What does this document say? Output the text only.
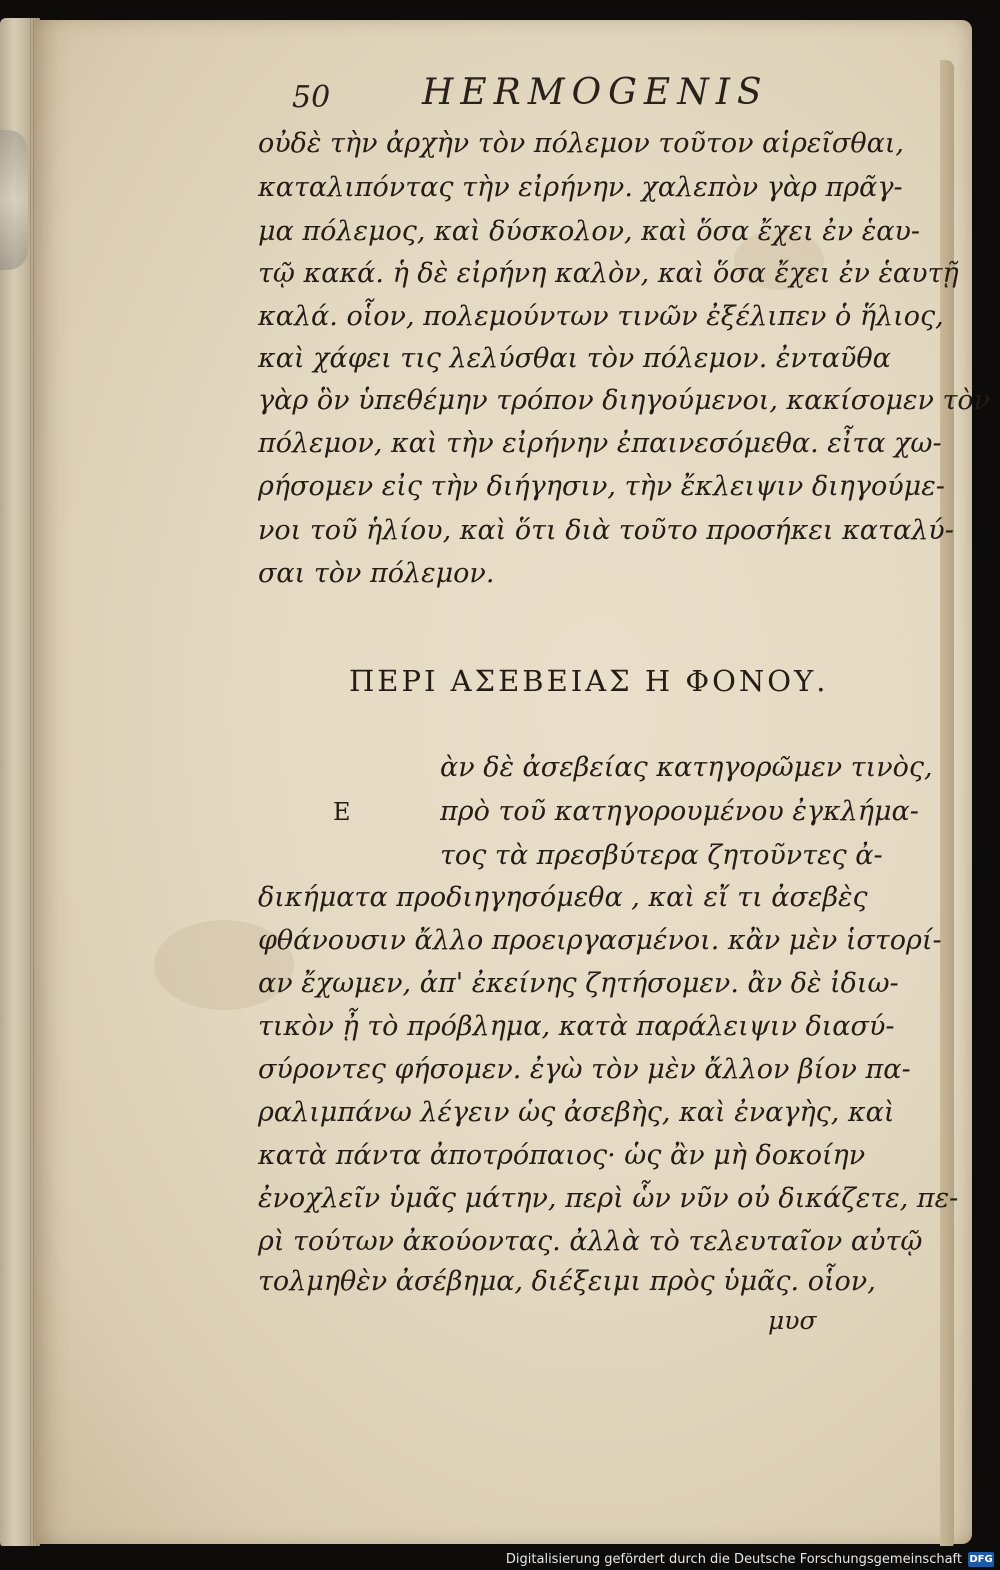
50	HERMOGENIS
οὐδὲ τὴν ἀρχὴν τὸν πόλεμον τοῦτον αἱρεῖσθαι,
καταλιπόντας τὴν εἰρήνην. χαλεπὸν γὰρ πρᾶγ-
μα πόλεμος, καὶ δύσκολον, καὶ ὅσα ἔχει ἐν ἑαυ-
τῷ κακά. ἡ δὲ εἰρήνη καλὸν, καὶ ὅσα ἔχει ἐν ἑαυτῇ
καλά. οἷον, πολεμούντων τινῶν ἐξέλιπεν ὁ ἥλιος,
καὶ χάφει τις λελύσθαι τὸν πόλεμον. ἐνταῦθα
γὰρ ὃν ὑπεθέμην τρόπον διηγούμενοι, κακίσομεν τὸν
πόλεμον, καὶ τὴν εἰρήνην ἐπαινεσόμεθα. εἶτα χω-
ρήσομεν εἰς τὴν διήγησιν, τὴν ἔκλειψιν διηγούμε-
νοι τοῦ ἡλίου, καὶ ὅτι διὰ τοῦτο προσήκει καταλύ-
σαι τὸν πόλεμον.
ΠΕΡΙ ΑΣΕΒΕΙΑΣ Η ΦΟΝΟΥ.
Ε
ὰν δὲ ἀσεβείας κατηγορῶμεν τινὸς,
πρὸ τοῦ κατηγορουμένου ἐγκλήμα-
τος τὰ πρεσβύτερα ζητοῦντες ἀ-
δικήματα προδιηγησόμεθα , καὶ εἴ τι ἀσεβὲς
φθάνουσιν ἄλλο προειργασμένοι. κἂν μὲν ἱστορί-
αν ἔχωμεν, ἀπ' ἐκείνης ζητήσομεν. ἂν δὲ ἰδιω-
τικὸν ᾖ τὸ πρόβλημα, κατὰ παράλειψιν διασύ-
σύροντες φήσομεν. ἐγὼ τὸν μὲν ἄλλον βίον πα-
ραλιμπάνω λέγειν ὡς ἀσεβὴς, καὶ ἐναγὴς, καὶ
κατὰ πάντα ἀποτρόπαιος· ὡς ἂν μὴ δοκοίην
ἐνοχλεῖν ὑμᾶς μάτην, περὶ ὧν νῦν οὐ δικάζετε, πε-
ρὶ τούτων ἀκούοντας. ἀλλὰ τὸ τελευταῖον αὐτῷ
τολμηθὲν ἀσέβημα, διέξειμι πρὸς ὑμᾶς. οἷον,
μυσ
Digitalisierung gefördert durch die Deutsche Forschungsgemeinschaft DFG
